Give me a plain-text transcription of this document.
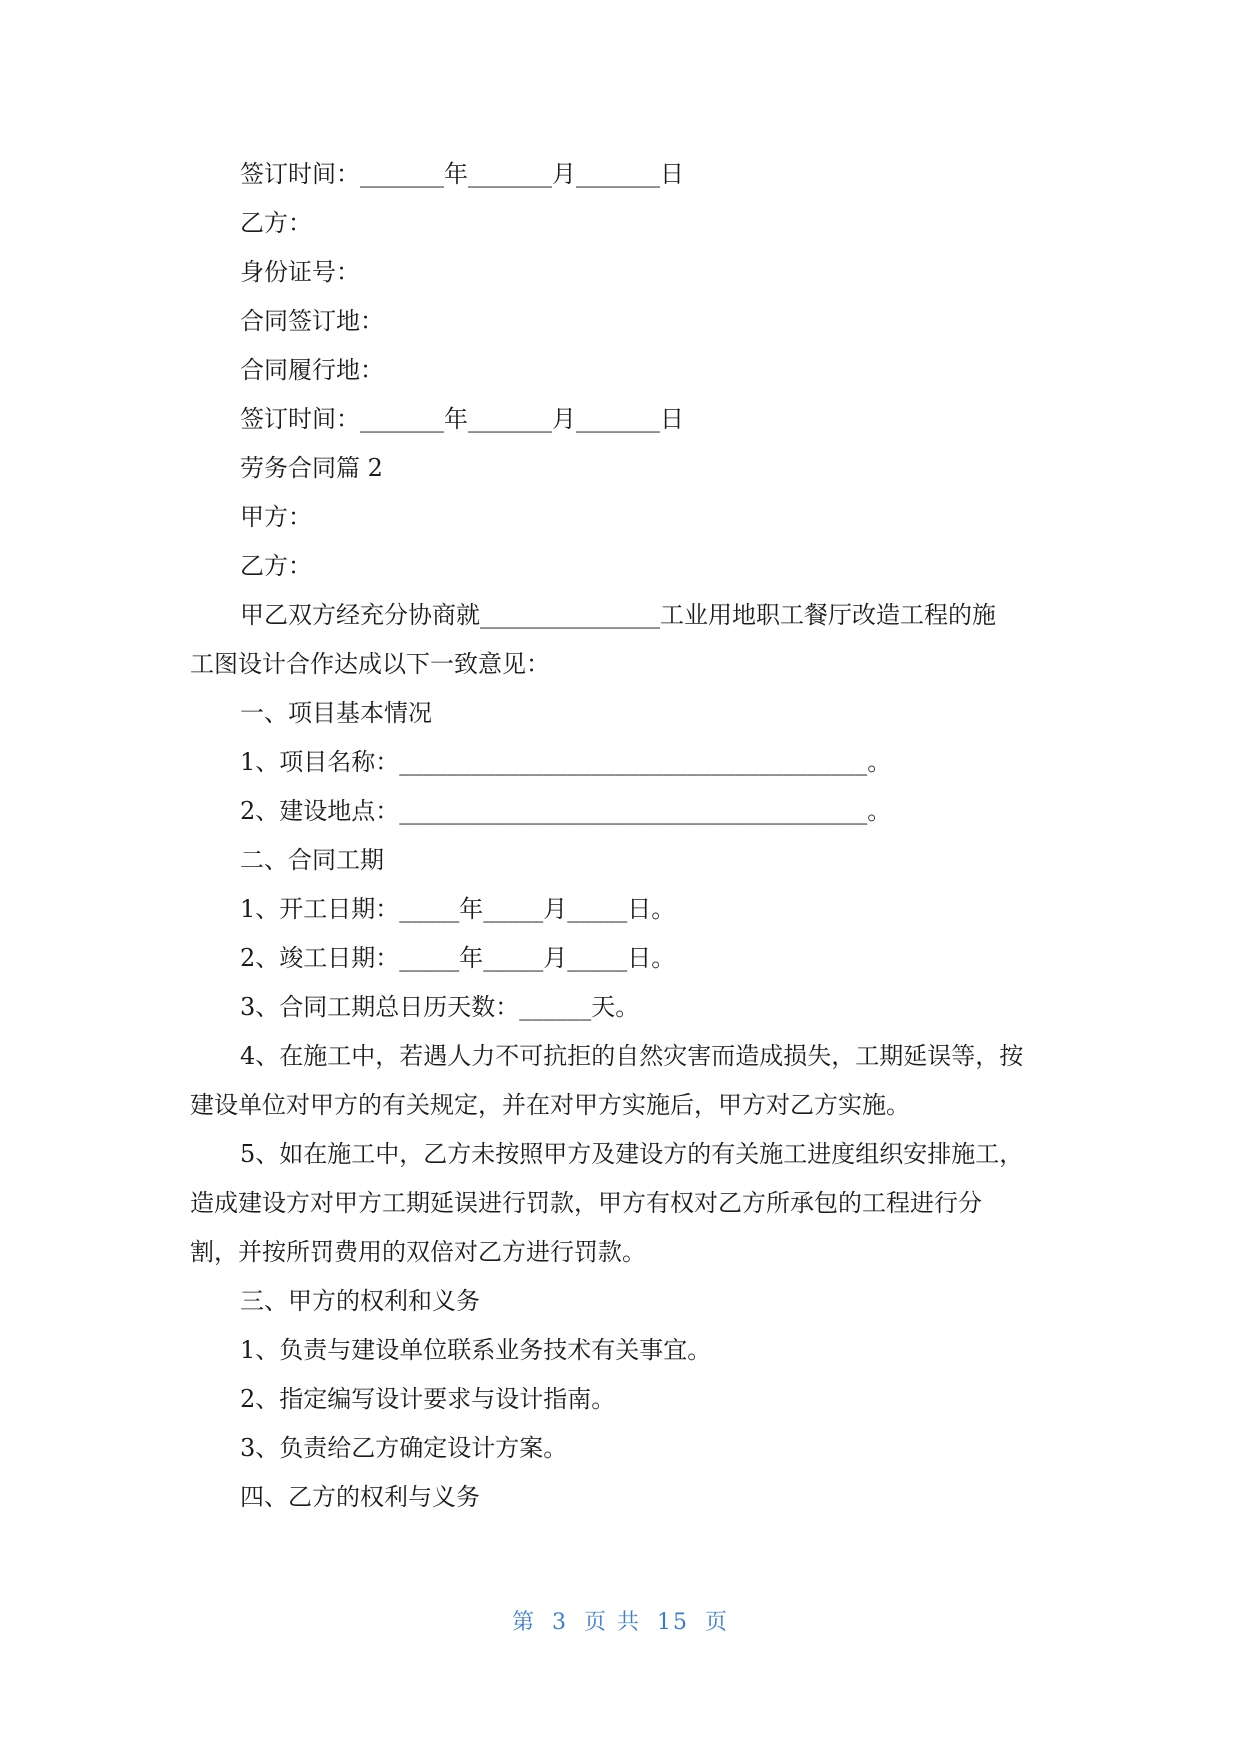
签订时间：_______年_______月_______日

乙方：

身份证号：

合同签订地：

合同履行地：

签订时间：_______年_______月_______日

劳务合同篇 2

甲方：

乙方：

甲乙双方经充分协商就_______________工业用地职工餐厅改造工程的施

工图设计合作达成以下一致意见：

一、项目基本情况

1、项目名称：_______________________________________。

2、建设地点：_______________________________________。

二、合同工期

1、开工日期：_____年_____月_____日。

2、竣工日期：_____年_____月_____日。

3、合同工期总日历天数：______天。

4、在施工中，若遇人力不可抗拒的自然灾害而造成损失，工期延误等，按

建设单位对甲方的有关规定，并在对甲方实施后，甲方对乙方实施。

5、如在施工中，乙方未按照甲方及建设方的有关施工进度组织安排施工，

造成建设方对甲方工期延误进行罚款，甲方有权对乙方所承包的工程进行分

割，并按所罚费用的双倍对乙方进行罚款。

三、甲方的权利和义务

1、负责与建设单位联系业务技术有关事宜。

2、指定编写设计要求与设计指南。

3、负责给乙方确定设计方案。

四、乙方的权利与义务

第 3 页 共 15 页
